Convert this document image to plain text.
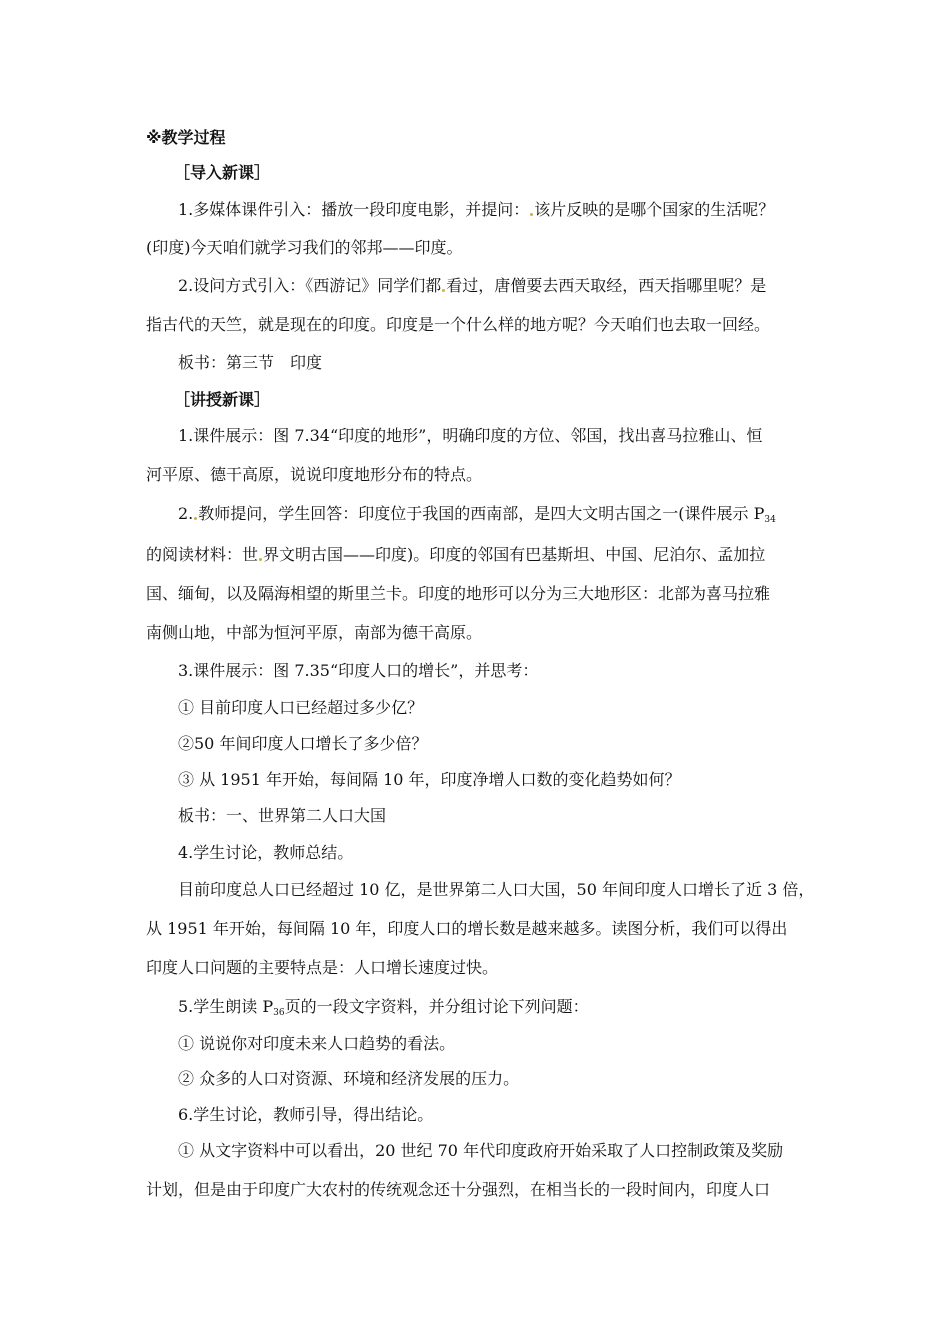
※教学过程
［导入新课］
1.多媒体课件引入：播放一段印度电影，并提问： 该片反映的是哪个国家的生活呢？
(印度)今天咱们就学习我们的邻邦——印度。
2.设问方式引入：《西游记》同学们都 看过，唐僧要去西天取经，西天指哪里呢？是
指古代的天竺，就是现在的印度。印度是一个什么样的地方呢？今天咱们也去取一回经。
板书：第三节　印度
［讲授新课］
1.课件展示：图 7.34“印度的地形”，明确印度的方位、邻国，找出喜马拉雅山、恒
河平原、德干高原，说说印度地形分布的特点。
2. 教师提问，学生回答：印度位于我国的西南部，是四大文明古国之一(课件展示 $P_{34}$
的阅读材料：世 界文明古国——印度)。印度的邻国有巴基斯坦、中国、尼泊尔、孟加拉
国、缅甸，以及隔海相望的斯里兰卡。印度的地形可以分为三大地形区：北部为喜马拉雅
南侧山地，中部为恒河平原，南部为德干高原。
3.课件展示：图 7.35“印度人口的增长”，并思考：
① 目前印度人口已经超过多少亿？
②50 年间印度人口增长了多少倍？
③ 从 1951 年开始，每间隔 10 年，印度净增人口数的变化趋势如何？
板书：一、世界第二人口大国
4.学生讨论，教师总结。
目前印度总人口已经超过 10 亿，是世界第二人口大国，50 年间印度人口增长了近 3 倍，
从 1951 年开始，每间隔 10 年，印度人口的增长数是越来越多。读图分析，我们可以得出
印度人口问题的主要特点是：人口增长速度过快。
5.学生朗读 $P_{36}$页的一段文字资料，并分组讨论下列问题：
① 说说你对印度未来人口趋势的看法。
② 众多的人口对资源、环境和经济发展的压力。
6.学生讨论，教师引导，得出结论。
① 从文字资料中可以看出，20 世纪 70 年代印度政府开始采取了人口控制政策及奖励
计划，但是由于印度广大农村的传统观念还十分强烈，在相当长的一段时间内，印度人口
